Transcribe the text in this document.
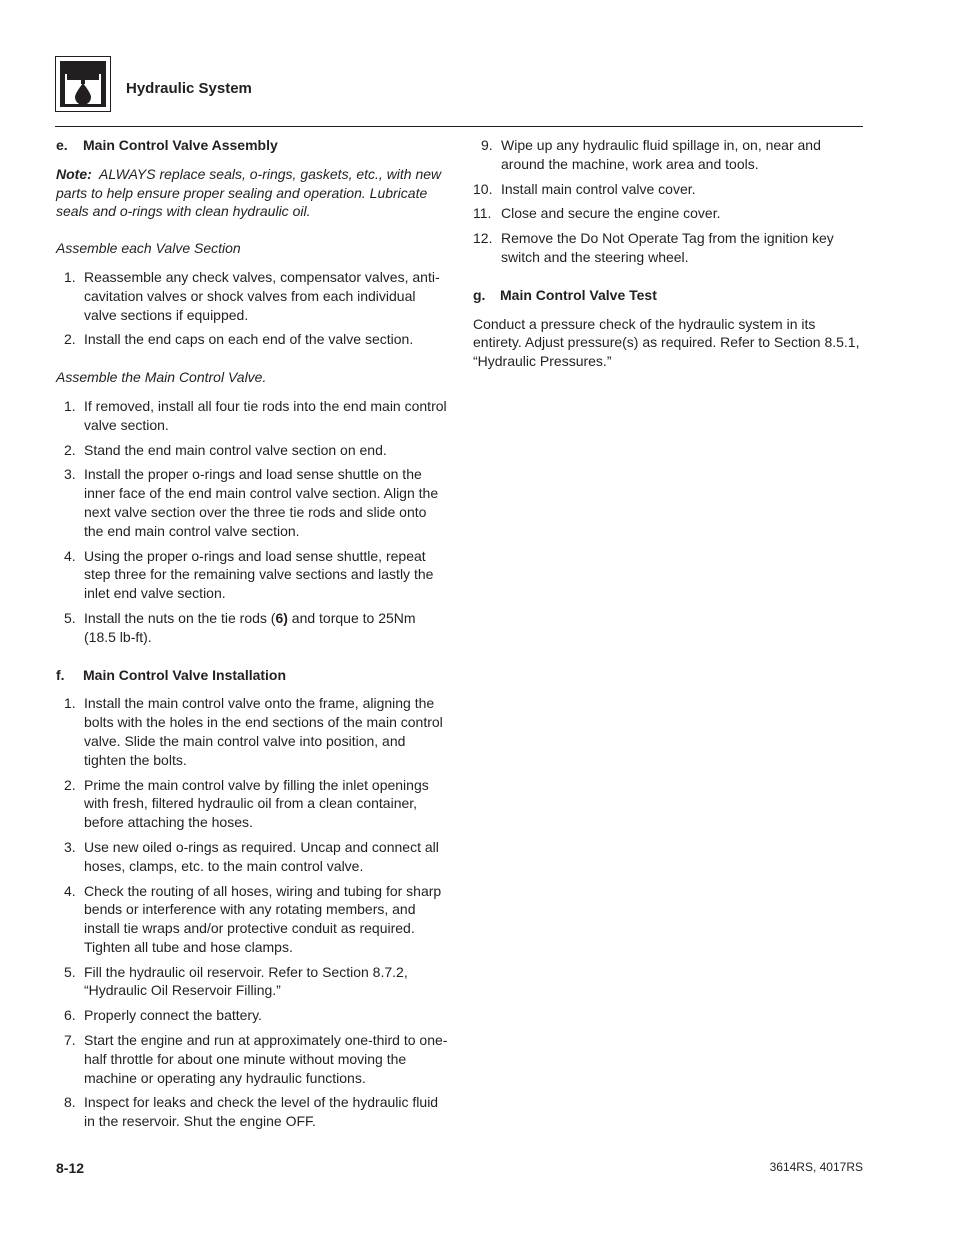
Hydraulic System
e.	Main Control Valve Assembly

Note: ALWAYS replace seals, o-rings, gaskets, etc., with new parts to help ensure proper sealing and operation. Lubricate seals and o-rings with clean hydraulic oil.

Assemble each Valve Section

1. Reassemble any check valves, compensator valves, anti-cavitation valves or shock valves from each individual valve sections if equipped.
2. Install the end caps on each end of the valve section.

Assemble the Main Control Valve.

1. If removed, install all four tie rods into the end main control valve section.
2. Stand the end main control valve section on end.
3. Install the proper o-rings and load sense shuttle on the inner face of the end main control valve section. Align the next valve section over the three tie rods and slide onto the end main control valve section.
4. Using the proper o-rings and load sense shuttle, repeat step three for the remaining valve sections and lastly the inlet end valve section.
5. Install the nuts on the tie rods (6) and torque to 25Nm (18.5 lb-ft).
f.	Main Control Valve Installation
1. Install the main control valve onto the frame, aligning the bolts with the holes in the end sections of the main control valve. Slide the main control valve into position, and tighten the bolts.
2. Prime the main control valve by filling the inlet openings with fresh, filtered hydraulic oil from a clean container, before attaching the hoses.
3. Use new oiled o-rings as required. Uncap and connect all hoses, clamps, etc. to the main control valve.
4. Check the routing of all hoses, wiring and tubing for sharp bends or interference with any rotating members, and install tie wraps and/or protective conduit as required. Tighten all tube and hose clamps.
5. Fill the hydraulic oil reservoir. Refer to Section 8.7.2, “Hydraulic Oil Reservoir Filling.”
6. Properly connect the battery.
7. Start the engine and run at approximately one-third to one-half throttle for about one minute without moving the machine or operating any hydraulic functions.
8. Inspect for leaks and check the level of the hydraulic fluid in the reservoir. Shut the engine OFF.
9. Wipe up any hydraulic fluid spillage in, on, near and around the machine, work area and tools.
10. Install main control valve cover.
11. Close and secure the engine cover.
12. Remove the Do Not Operate Tag from the ignition key switch and the steering wheel.
g.	Main Control Valve Test

Conduct a pressure check of the hydraulic system in its entirety. Adjust pressure(s) as required. Refer to Section 8.5.1, “Hydraulic Pressures.”

8-12	3614RS, 4017RS
